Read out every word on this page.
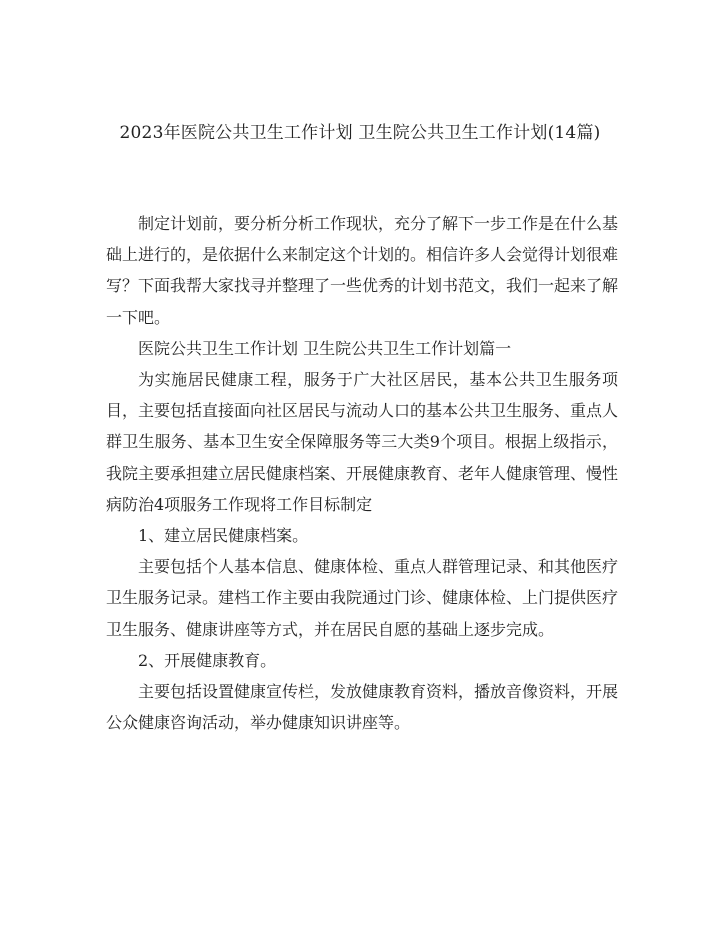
2023年医院公共卫生工作计划 卫生院公共卫生工作计划(14篇)

制定计划前，要分析分析工作现状，充分了解下一步工作是在什么基础上进行的，是依据什么来制定这个计划的。相信许多人会觉得计划很难写？下面我帮大家找寻并整理了一些优秀的计划书范文，我们一起来了解一下吧。

医院公共卫生工作计划 卫生院公共卫生工作计划篇一

为实施居民健康工程，服务于广大社区居民，基本公共卫生服务项目，主要包括直接面向社区居民与流动人口的基本公共卫生服务、重点人群卫生服务、基本卫生安全保障服务等三大类9个项目。根据上级指示，我院主要承担建立居民健康档案、开展健康教育、老年人健康管理、慢性病防治4项服务工作现将工作目标制定

1、建立居民健康档案。

主要包括个人基本信息、健康体检、重点人群管理记录、和其他医疗卫生服务记录。建档工作主要由我院通过门诊、健康体检、上门提供医疗卫生服务、健康讲座等方式，并在居民自愿的基础上逐步完成。

2、开展健康教育。

主要包括设置健康宣传栏，发放健康教育资料，播放音像资料，开展公众健康咨询活动，举办健康知识讲座等。
